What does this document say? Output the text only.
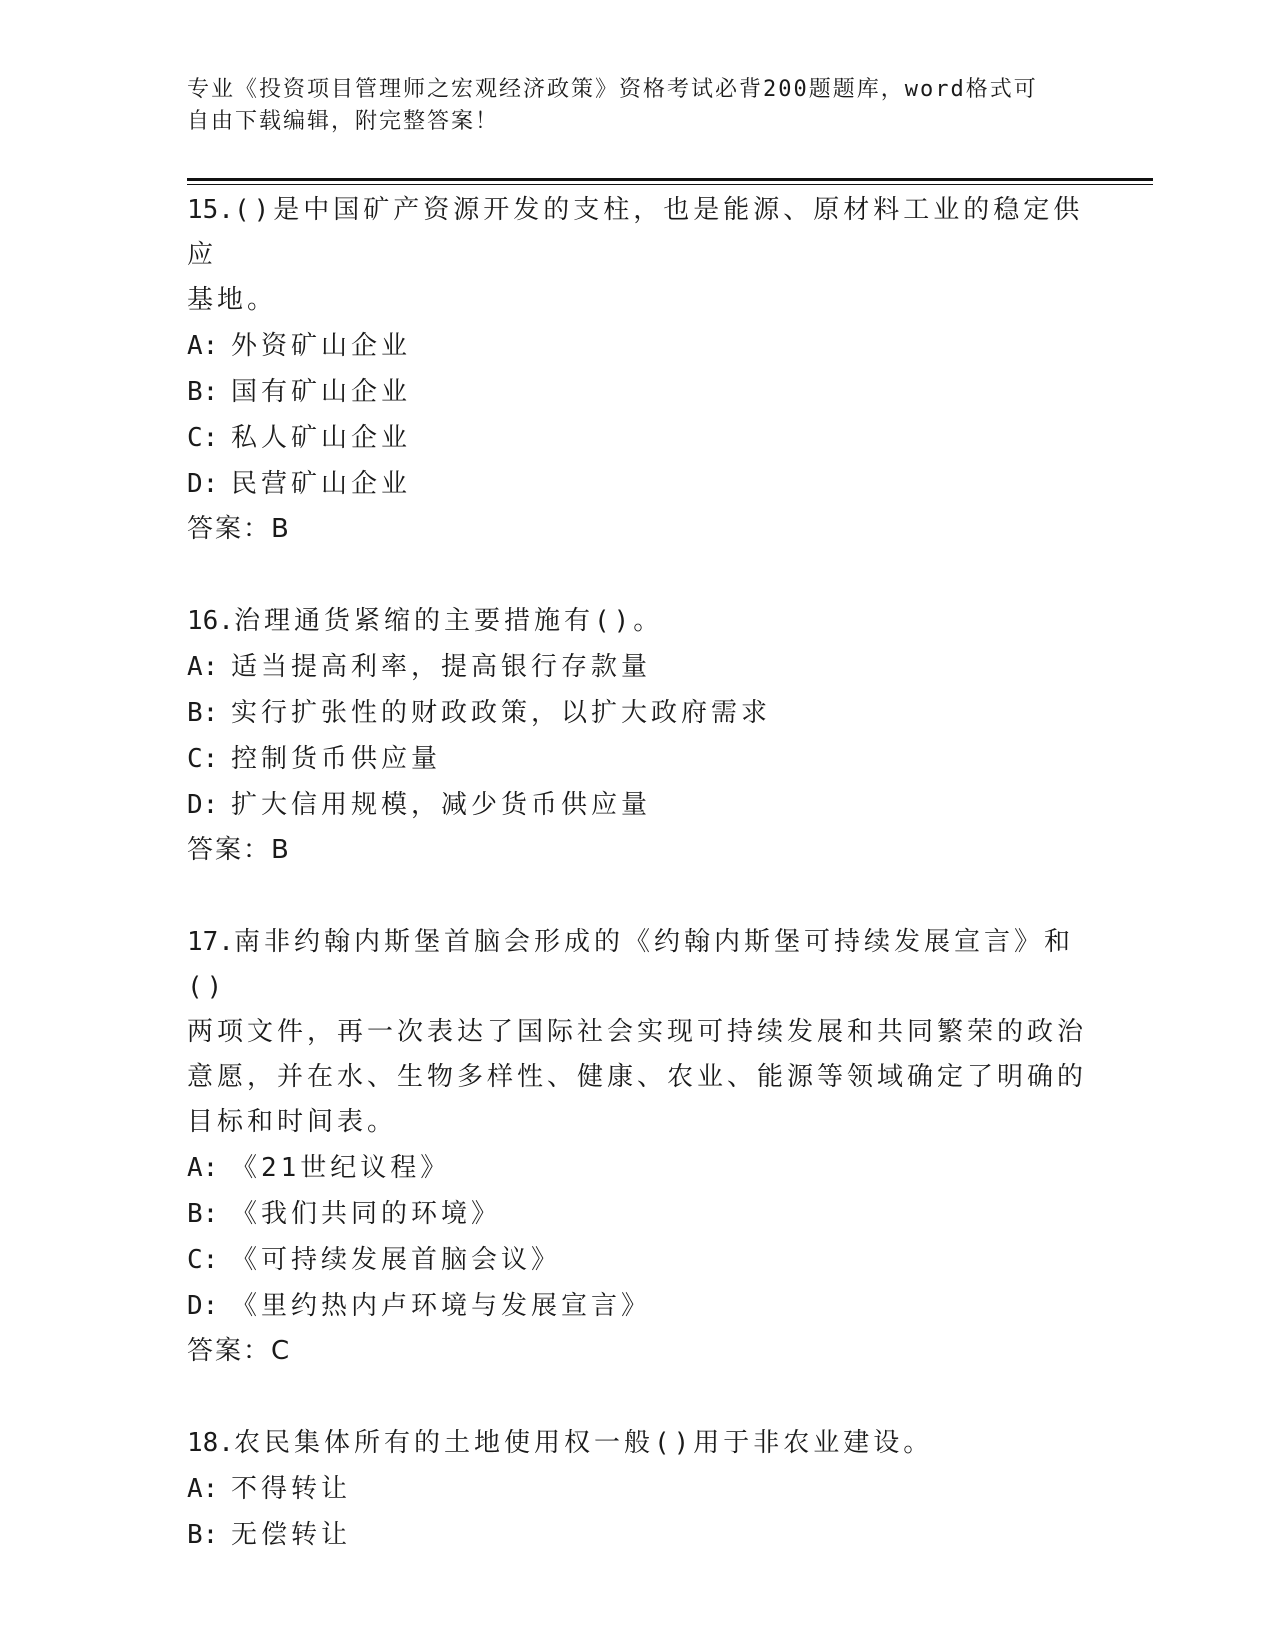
专业《投资项目管理师之宏观经济政策》资格考试必背200题题库，word格式可
自由下载编辑，附完整答案！
15.()是中国矿产资源开发的支柱，也是能源、原材料工业的稳定供应
基地。
A: 外资矿山企业
B: 国有矿山企业
C: 私人矿山企业
D: 民营矿山企业
答案：B
16.治理通货紧缩的主要措施有()。
A: 适当提高利率，提高银行存款量
B: 实行扩张性的财政政策，以扩大政府需求
C: 控制货币供应量
D: 扩大信用规模，减少货币供应量
答案：B
17.南非约翰内斯堡首脑会形成的《约翰内斯堡可持续发展宣言》和()
两项文件，再一次表达了国际社会实现可持续发展和共同繁荣的政治
意愿，并在水、生物多样性、健康、农业、能源等领域确定了明确的
目标和时间表。
A: 《21世纪议程》
B: 《我们共同的环境》
C: 《可持续发展首脑会议》
D: 《里约热内卢环境与发展宣言》
答案：C
18.农民集体所有的土地使用权一般()用于非农业建设。
A: 不得转让
B: 无偿转让
